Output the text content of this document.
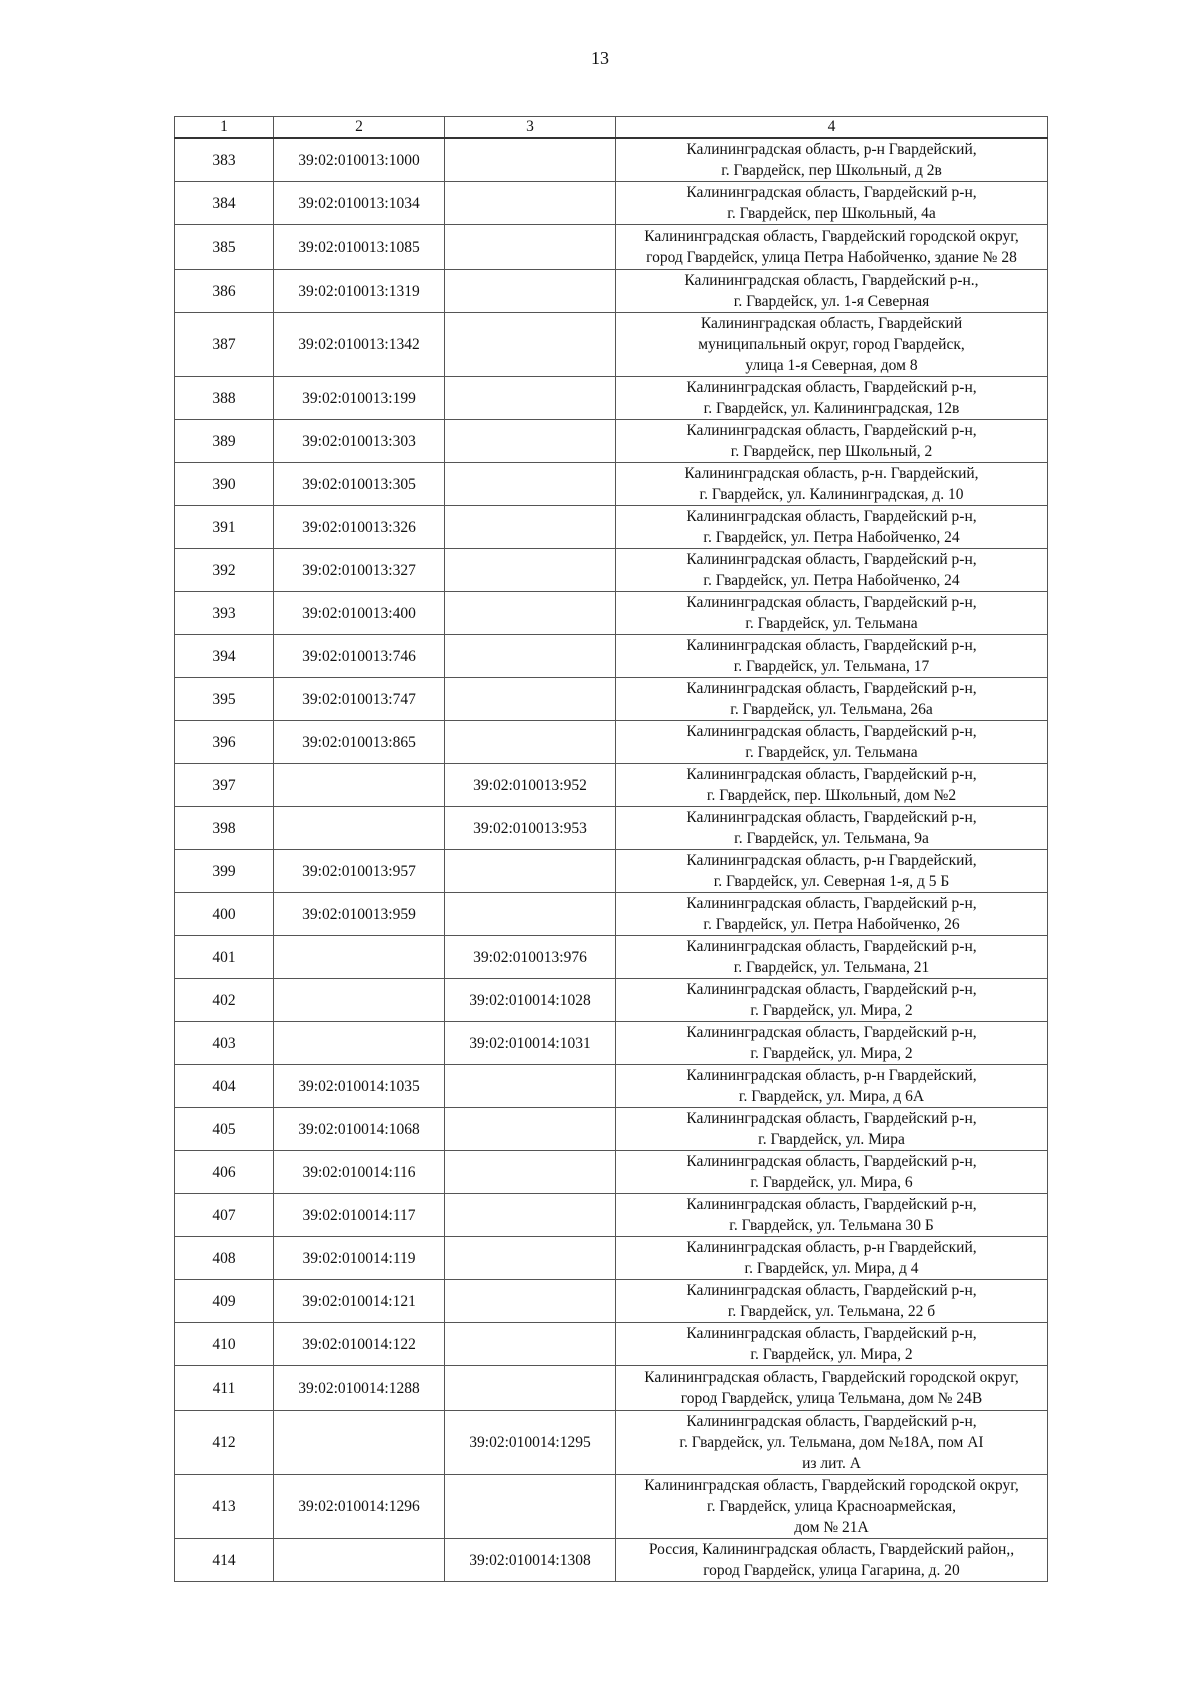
13
1	2	3	4
383	39:02:010013:1000		Калининградская область, р-н Гвардейский,
г. Гвардейск, пер Школьный, д 2в
384	39:02:010013:1034		Калининградская область, Гвардейский р-н,
г. Гвардейск, пер Школьный, 4а
385	39:02:010013:1085		Калининградская область, Гвардейский городской округ,
город Гвардейск, улица Петра Набойченко, здание № 28
386	39:02:010013:1319		Калининградская область, Гвардейский р-н.,
г. Гвардейск, ул. 1-я Северная
387	39:02:010013:1342		Калининградская область, Гвардейский
муниципальный округ, город Гвардейск,
улица 1-я Северная, дом 8
388	39:02:010013:199		Калининградская область, Гвардейский р-н,
г. Гвардейск, ул. Калининградская, 12в
389	39:02:010013:303		Калининградская область, Гвардейский р-н,
г. Гвардейск, пер Школьный, 2
390	39:02:010013:305		Калининградская область, р-н. Гвардейский,
г. Гвардейск, ул. Калининградская, д. 10
391	39:02:010013:326		Калининградская область, Гвардейский р-н,
г. Гвардейск, ул. Петра Набойченко, 24
392	39:02:010013:327		Калининградская область, Гвардейский р-н,
г. Гвардейск, ул. Петра Набойченко, 24
393	39:02:010013:400		Калининградская область, Гвардейский р-н,
г. Гвардейск, ул. Тельмана
394	39:02:010013:746		Калининградская область, Гвардейский р-н,
г. Гвардейск, ул. Тельмана, 17
395	39:02:010013:747		Калининградская область, Гвардейский р-н,
г. Гвардейск, ул. Тельмана, 26а
396	39:02:010013:865		Калининградская область, Гвардейский р-н,
г. Гвардейск, ул. Тельмана
397		39:02:010013:952	Калининградская область, Гвардейский р-н,
г. Гвардейск, пер. Школьный, дом №2
398		39:02:010013:953	Калининградская область, Гвардейский р-н,
г. Гвардейск, ул. Тельмана, 9а
399	39:02:010013:957		Калининградская область, р-н Гвардейский,
г. Гвардейск, ул. Северная 1-я, д 5 Б
400	39:02:010013:959		Калининградская область, Гвардейский р-н,
г. Гвардейск, ул. Петра Набойченко, 26
401		39:02:010013:976	Калининградская область, Гвардейский р-н,
г. Гвардейск, ул. Тельмана, 21
402		39:02:010014:1028	Калининградская область, Гвардейский р-н,
г. Гвардейск, ул. Мира, 2
403		39:02:010014:1031	Калининградская область, Гвардейский р-н,
г. Гвардейск, ул. Мира, 2
404	39:02:010014:1035		Калининградская область, р-н Гвардейский,
г. Гвардейск, ул. Мира, д 6А
405	39:02:010014:1068		Калининградская область, Гвардейский р-н,
г. Гвардейск, ул. Мира
406	39:02:010014:116		Калининградская область, Гвардейский р-н,
г. Гвардейск, ул. Мира, 6
407	39:02:010014:117		Калининградская область, Гвардейский р-н,
г. Гвардейск, ул. Тельмана 30 Б
408	39:02:010014:119		Калининградская область, р-н Гвардейский,
г. Гвардейск, ул. Мира, д 4
409	39:02:010014:121		Калининградская область, Гвардейский р-н,
г. Гвардейск, ул. Тельмана, 22 б
410	39:02:010014:122		Калининградская область, Гвардейский р-н,
г. Гвардейск, ул. Мира, 2
411	39:02:010014:1288		Калининградская область, Гвардейский городской округ,
город Гвардейск, улица Тельмана, дом № 24В
412		39:02:010014:1295	Калининградская область, Гвардейский р-н,
г. Гвардейск, ул. Тельмана, дом №18А, пом AI
из лит. А
413	39:02:010014:1296		Калининградская область, Гвардейский городской округ,
г. Гвардейск, улица Красноармейская,
дом № 21А
414		39:02:010014:1308	Россия, Калининградская область, Гвардейский район,,
город Гвардейск, улица Гагарина, д. 20
